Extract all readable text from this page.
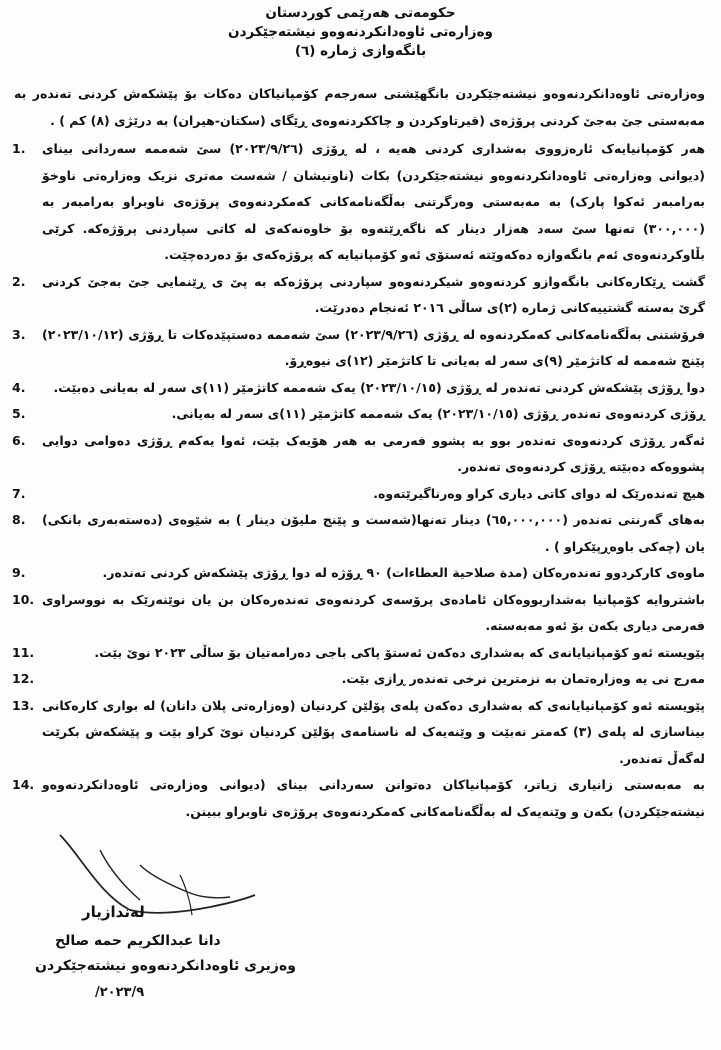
حکومەتی هەرێمی کوردستان
وەزارەتی ئاوەدانکردنەوەو نیشتەجێکردن
بانگەوازی ژمارە (٦)
وەزارەتی ئاوەدانکردنەوەو نیشتەجێکردن بانگهێشتی سەرجەم کۆمپانیاکان دەکات بۆ پێشکەش کردنی تەندەر بە مەبەستی جێ بەجێ کردنی پرۆژەی (قیرتاوکردن و چاککردنەوەی ڕێگای (سکتان-هیران) بە درێژی (٨) کم ) .
هەر کۆمپانیایەک ئارەزووی بەشداری کردنی هەیە ، لە ڕۆژی (٢٠٢٣/٩/٢٦) سێ شەممە سەردانی بینای (دیوانی وەزارەتی ئاوەدانکردنەوەو نیشتەجێکردن) بکات (ناونیشان / شەست مەتری نزیک وەزارەتی ناوخۆ بەرامبەر ئەکوا پارک) بە مەبەستی وەرگرتنی بەڵگەنامەکانی کەمکردنەوەی پرۆژەی ناوبراو بەرامبەر بە (٣٠٠,٠٠٠) تەنها سێ سەد هەزار دینار کە ناگەڕێتەوە بۆ خاوەنەکەی لە کاتی سپاردنی پرۆژەکە. کرێی بڵاوکردنەوەی ئەم بانگەوازە دەکەوێتە ئەستۆی ئەو کۆمپانیایە کە پرۆژەکەی بۆ دەردەچێت.
1.
گشت ڕێکارەکانی بانگەوازو کردنەوەو شیکردنەوەو سپاردنی پرۆژەکە بە پێ ی ڕێنمایی جێ بەجێ کردنی گرێ بەستە گشتییەکانی ژمارە (٢)ی ساڵی ٢٠١٦ ئەنجام دەدرێت.
2.
فرۆشتنی بەڵگەنامەکانی کەمکردنەوە لە ڕۆژی (٢٠٢٣/٩/٢٦) سێ شەممە دەستپێدەکات تا ڕۆژی (٢٠٢٣/١٠/١٢) پێنج شەممە لە کاتژمێر (٩)ی سەر لە بەیانی تا کاتژمێر (١٢)ی نیوەڕۆ.
3.
دوا ڕۆژی پێشکەش کردنی تەندەر لە ڕۆژی (٢٠٢٣/١٠/١٥) یەک شەممە کاتژمێر (١١)ی سەر لە بەیانی دەبێت.
4.
ڕۆژی کردنەوەی تەندەر ڕۆژی (٢٠٢٣/١٠/١٥) یەک شەممە کاتژمێر (١١)ی سەر لە بەیانی.
5.
ئەگەر ڕۆژی کردنەوەی تەندەر بوو بە پشوو فەرمی بە هەر هۆیەک بێت، ئەوا یەکەم ڕۆژی دەوامی دوایی پشووەکە دەبێتە ڕۆژی کردنەوەی تەندەر.
6.
هیچ تەندەرێک لە دوای کاتی دیاری کراو وەرناگیرێتەوە.
7.
بەهای گەرنتی تەندەر (٦٥,٠٠٠,٠٠٠) دینار تەنها(شەست و پێنج ملیۆن دینار ) بە شێوەی (دەستەبەری بانکی) یان (چەکی باوەڕپێکراو ) .
8.
ماوەی کارکردوو تەندەرەکان (مدة صلاحیة العطاءات) ٩٠ ڕۆژە لە دوا ڕۆژی پێشکەش کردنی تەندەر.
9.
باشتروایە کۆمپانیا بەشداربووەکان ئامادەی پرۆسەی کردنەوەی تەندەرەکان بن یان نوێنەرێک بە نووسراوی فەرمی دیاری بکەن بۆ ئەو مەبەستە.
10.
پێویستە ئەو کۆمپانیایانەی کە بەشداری دەکەن ئەستۆ پاکی باجی دەرامەتیان بۆ ساڵی ٢٠٢٣ نوێ بێت.
11.
مەرج نی یە وەزارەتمان بە نزمترین نرخی تەندەر ڕازی بێت.
12.
پێویستە ئەو کۆمپانیایانەی کە بەشداری دەکەن پلەی پۆلێن کردنیان (وەزارەتی پلان دانان) لە بواری کارەکانی بیناسازی لە پلەی (٣) کەمتر نەبێت و وێنەیەک لە ناسنامەی پۆلێن کردنیان نوێ کراو بێت و پێشکەش بکرێت لەگەڵ تەندەر.
13.
بە مەبەستی زانیاری زیاتر، کۆمپانیاکان دەتوانن سەردانی بینای (دیوانی وەزارەتی ئاوەدانکردنەوەو نیشتەجێکردن) بکەن و وێنەیەک لە بەڵگەنامەکانی کەمکردنەوەی پرۆژەی ناوبراو ببینن.
14.
لەندازیار
دانا عبدالکریم حمە صالح
وەزیری ئاوەدانکردنەوەو نیشتەجێکردن
٢٠٢٣/٩/
